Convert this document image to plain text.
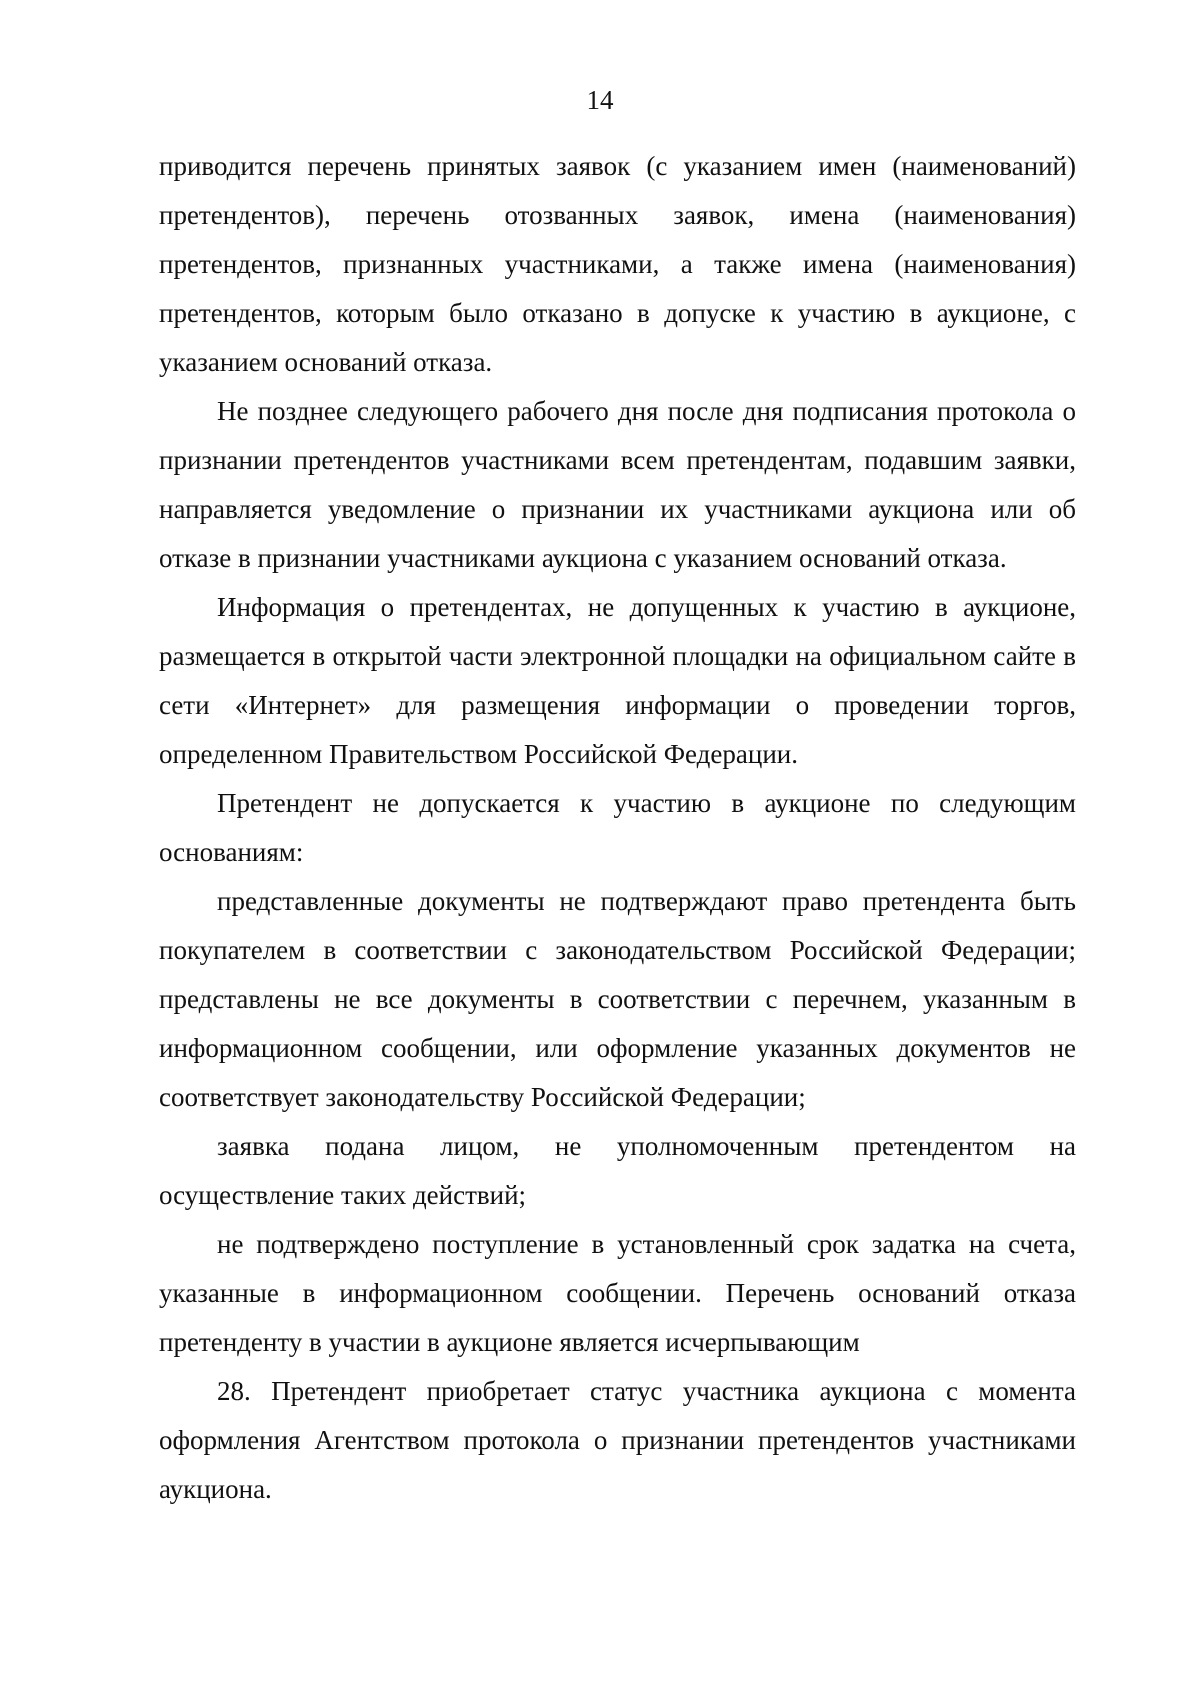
14

приводится перечень принятых заявок (с указанием имен (наименований) претендентов), перечень отозванных заявок, имена (наименования) претендентов, признанных участниками, а также имена (наименования) претендентов, которым было отказано в допуске к участию в аукционе, с указанием оснований отказа.

Не позднее следующего рабочего дня после дня подписания протокола о признании претендентов участниками всем претендентам, подавшим заявки, направляется уведомление о признании их участниками аукциона или об отказе в признании участниками аукциона с указанием оснований отказа.

Информация о претендентах, не допущенных к участию в аукционе, размещается в открытой части электронной площадки на официальном сайте в сети «Интернет» для размещения информации о проведении торгов, определенном Правительством Российской Федерации.

Претендент не допускается к участию в аукционе по следующим основаниям:

представленные документы не подтверждают право претендента быть покупателем в соответствии с законодательством Российской Федерации; представлены не все документы в соответствии с перечнем, указанным в информационном сообщении, или оформление указанных документов не соответствует законодательству Российской Федерации;

заявка подана лицом, не уполномоченным претендентом на осуществление таких действий;

не подтверждено поступление в установленный срок задатка на счета, указанные в информационном сообщении. Перечень оснований отказа претенденту в участии в аукционе является исчерпывающим

28. Претендент приобретает статус участника аукциона с момента оформления Агентством протокола о признании претендентов участниками аукциона.
